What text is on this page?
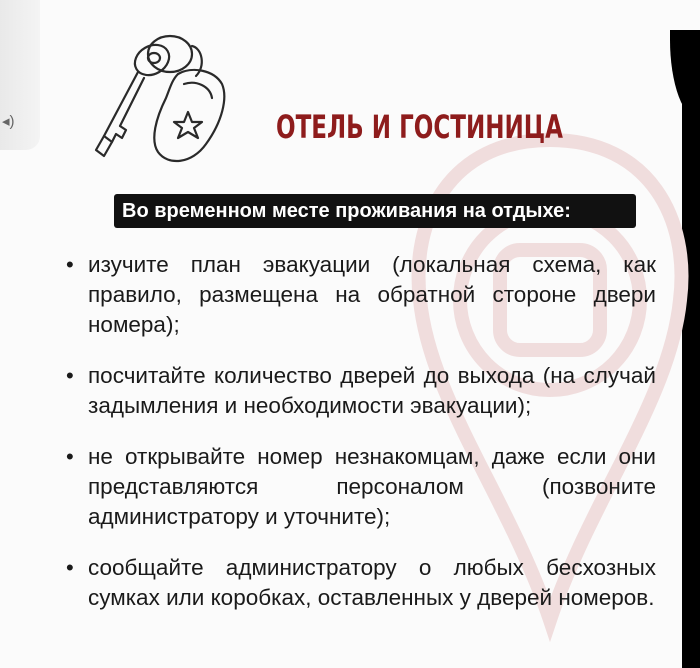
◂)	ОТЕЛЬ И ГОСТИНИЦА
Во временном месте проживания на отдыхе:
• изучите план эвакуации (локальная схема, как правило, размещена на обратной стороне двери номера);
• посчитайте количество дверей до выхода (на случай задымления и необходимости эвакуации);
• не открывайте номер незнакомцам, даже если они представляются персоналом (позвоните администратору и уточните);
• сообщайте администратору о любых бесхозных сумках или коробках, оставленных у дверей номеров.
